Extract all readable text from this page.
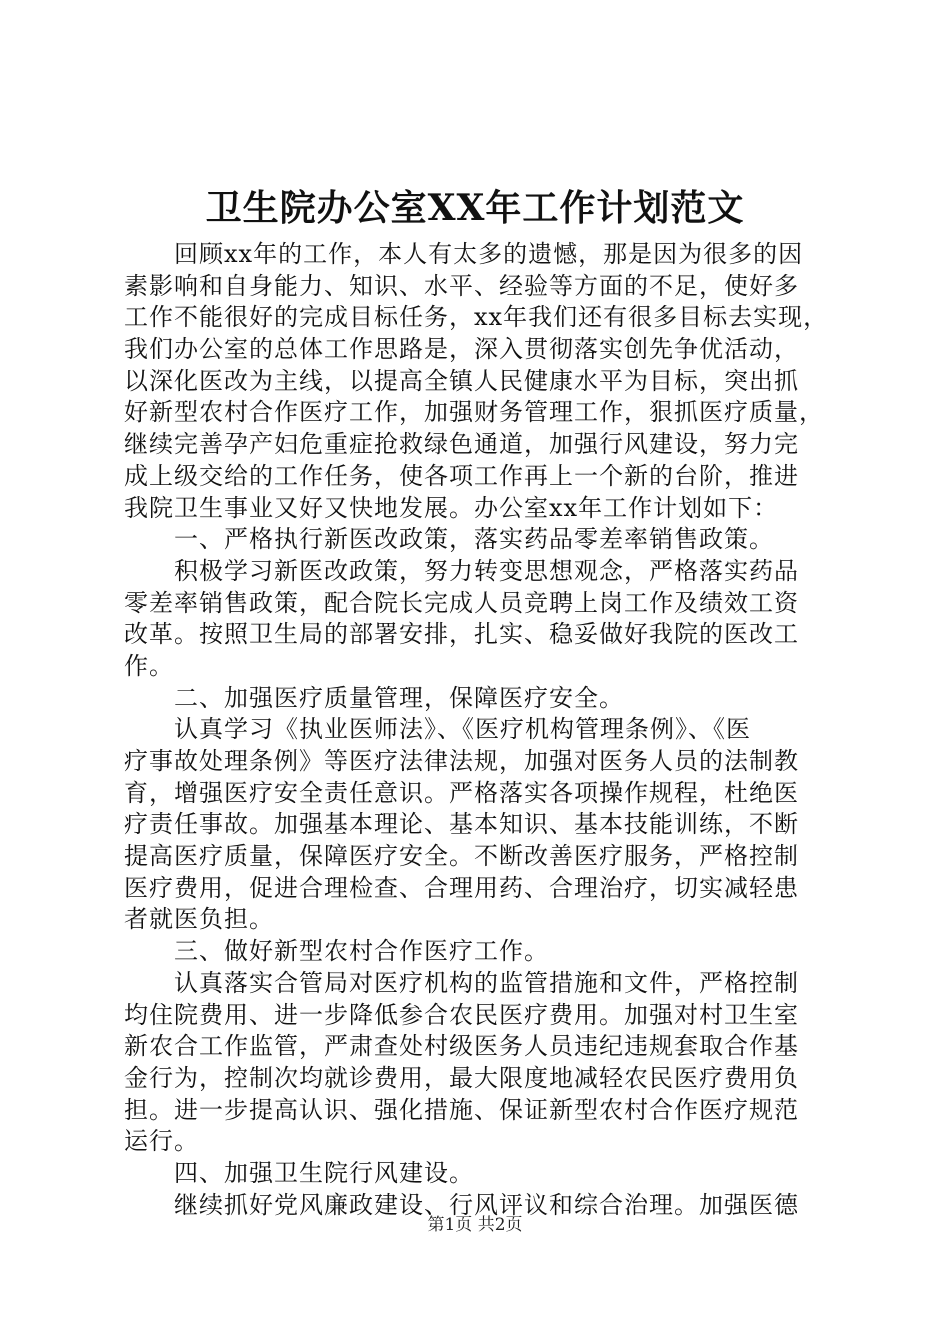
卫生院办公室XX年工作计划范文
　　回顾xx年的工作，本人有太多的遗憾，那是因为很多的因
素影响和自身能力、知识、水平、经验等方面的不足，使好多
工作不能很好的完成目标任务，xx年我们还有很多目标去实现，
我们办公室的总体工作思路是，深入贯彻落实创先争优活动，
以深化医改为主线，以提高全镇人民健康水平为目标，突出抓
好新型农村合作医疗工作，加强财务管理工作，狠抓医疗质量，
继续完善孕产妇危重症抢救绿色通道，加强行风建设，努力完
成上级交给的工作任务，使各项工作再上一个新的台阶，推进
我院卫生事业又好又快地发展。办公室xx年工作计划如下：
　　一、严格执行新医改政策，落实药品零差率销售政策。
　　积极学习新医改政策，努力转变思想观念，严格落实药品
零差率销售政策，配合院长完成人员竞聘上岗工作及绩效工资
改革。按照卫生局的部署安排，扎实、稳妥做好我院的医改工
作。
　　二、加强医疗质量管理，保障医疗安全。
　　认真学习《执业医师法》、《医疗机构管理条例》、《医
疗事故处理条例》等医疗法律法规，加强对医务人员的法制教
育，增强医疗安全责任意识。严格落实各项操作规程，杜绝医
疗责任事故。加强基本理论、基本知识、基本技能训练，不断
提高医疗质量，保障医疗安全。不断改善医疗服务，严格控制
医疗费用，促进合理检查、合理用药、合理治疗，切实减轻患
者就医负担。
　　三、做好新型农村合作医疗工作。
　　认真落实合管局对医疗机构的监管措施和文件，严格控制
均住院费用、进一步降低参合农民医疗费用。加强对村卫生室
新农合工作监管，严肃查处村级医务人员违纪违规套取合作基
金行为，控制次均就诊费用，最大限度地减轻农民医疗费用负
担。进一步提高认识、强化措施、保证新型农村合作医疗规范
运行。
　　四、加强卫生院行风建设。
　　继续抓好党风廉政建设、行风评议和综合治理。加强医德
第1页 共2页
